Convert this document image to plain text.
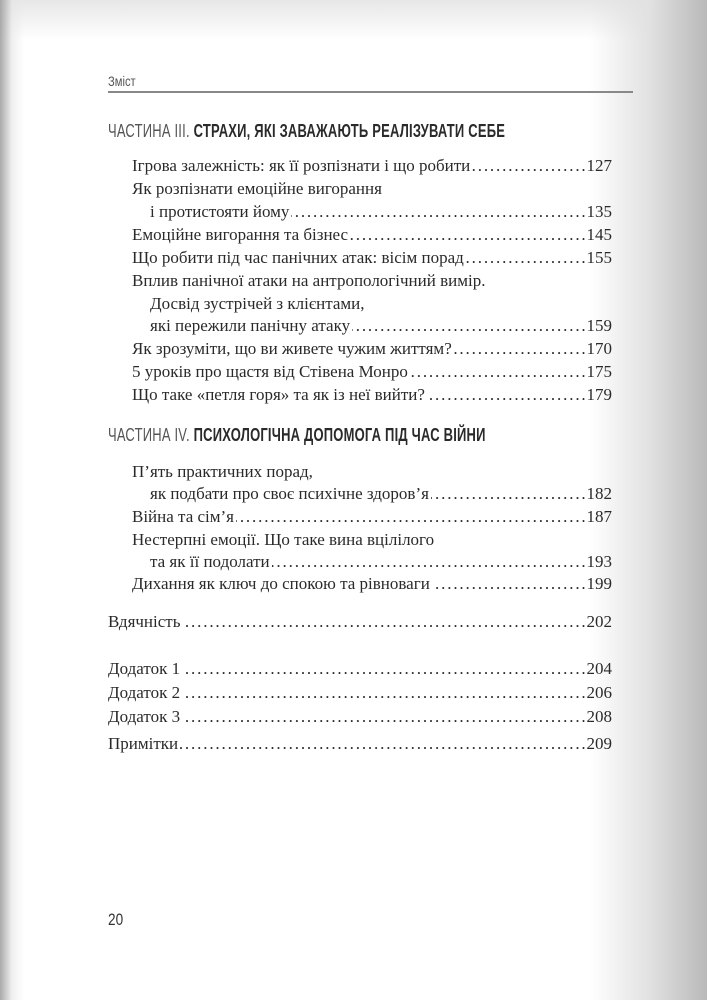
Зміст
ЧАСТИНА III. СТРАХИ, ЯКІ ЗАВАЖАЮТЬ РЕАЛІЗУВАТИ СЕБЕ
ЧАСТИНА IV. ПСИХОЛОГІЧНА ДОПОМОГА ПІД ЧАС ВІЙНИ
Ігрова залежність: як її розпізнати і що робити . . .	127
Як розпізнати емоційне вигорання
і протистояти йому . . .	135
Емоційне вигорання та бізнес . . .	145
Що робити під час панічних атак: вісім порад . . .	155
Вплив панічної атаки на антропологічний вимір.
Досвід зустрічей з клієнтами,
які пережили панічну атаку . . .	159
Як зрозуміти, що ви живете чужим життям? . . .	170
5 уроків про щастя від Стівена Монро . . .	175
Що таке «петля горя» та як із неї вийти? . . .	179
П’ять практичних порад,
як подбати про своє психічне здоров’я . . .	182
Війна та сім’я . . .	187
Нестерпні емоції. Що таке вина вцілілого
та як її подолати . . .	193
Дихання як ключ до спокою та рівноваги . . .	199
Вдячність . . .	202
Додаток 1 . . .	204
Додаток 2 . . .	206
Додаток 3 . . .	208
Примітки . . .	209
20
